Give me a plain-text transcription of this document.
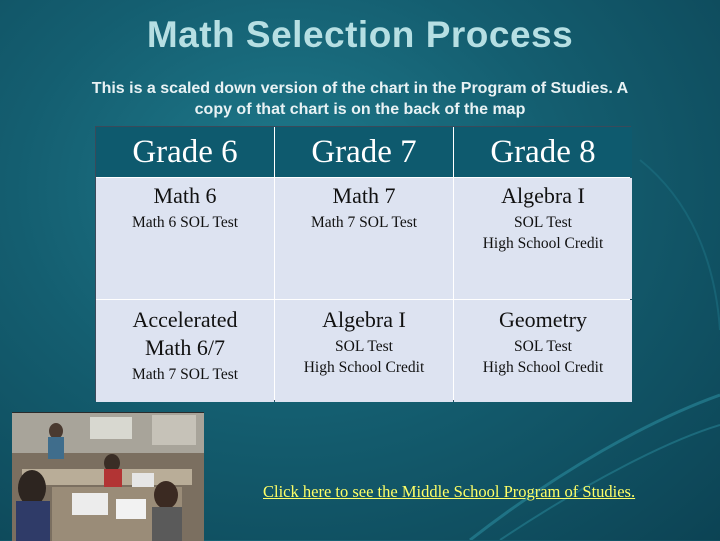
Math Selection Process
This is a scaled down version of the chart in the Program of Studies. A copy of that chart is on the back of the map
Grade 6	Grade 7	Grade 8
Math 6
Math 6 SOL Test
Math 7
Math 7 SOL Test
Algebra I
SOL Test
High School Credit
Accelerated
Math 6/7
Math 7 SOL Test
Algebra I
SOL Test
High School Credit
Geometry
SOL Test
High School Credit
Click here to see the Middle School Program of Studies.
